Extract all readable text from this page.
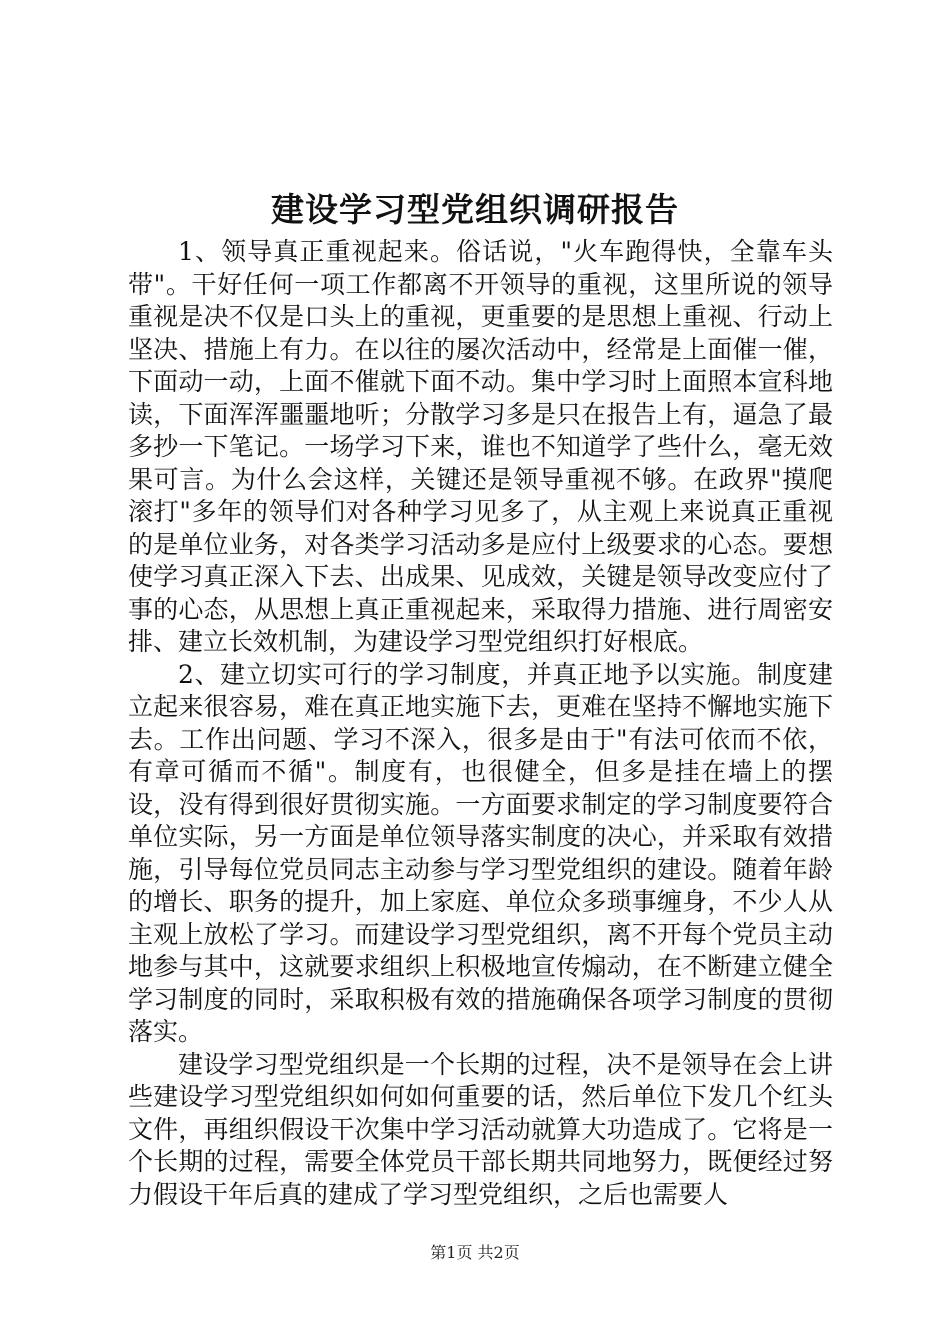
建设学习型党组织调研报告

1、领导真正重视起来。俗话说，"火车跑得快，全靠车头带"。干好任何一项工作都离不开领导的重视，这里所说的领导重视是决不仅是口头上的重视，更重要的是思想上重视、行动上坚决、措施上有力。在以往的屡次活动中，经常是上面催一催，下面动一动，上面不催就下面不动。集中学习时上面照本宣科地读，下面浑浑噩噩地听；分散学习多是只在报告上有，逼急了最多抄一下笔记。一场学习下来，谁也不知道学了些什么，毫无效果可言。为什么会这样，关键还是领导重视不够。在政界"摸爬滚打"多年的领导们对各种学习见多了，从主观上来说真正重视的是单位业务，对各类学习活动多是应付上级要求的心态。要想使学习真正深入下去、出成果、见成效，关键是领导改变应付了事的心态，从思想上真正重视起来，采取得力措施、进行周密安排、建立长效机制，为建设学习型党组织打好根底。

2、建立切实可行的学习制度，并真正地予以实施。制度建立起来很容易，难在真正地实施下去，更难在坚持不懈地实施下去。工作出问题、学习不深入，很多是由于"有法可依而不依，有章可循而不循"。制度有，也很健全，但多是挂在墙上的摆设，没有得到很好贯彻实施。一方面要求制定的学习制度要符合单位实际，另一方面是单位领导落实制度的决心，并采取有效措施，引导每位党员同志主动参与学习型党组织的建设。随着年龄的增长、职务的提升，加上家庭、单位众多琐事缠身，不少人从主观上放松了学习。而建设学习型党组织，离不开每个党员主动地参与其中，这就要求组织上积极地宣传煽动，在不断建立健全学习制度的同时，采取积极有效的措施确保各项学习制度的贯彻落实。

建设学习型党组织是一个长期的过程，决不是领导在会上讲些建设学习型党组织如何如何重要的话，然后单位下发几个红头文件，再组织假设干次集中学习活动就算大功造成了。它将是一个长期的过程，需要全体党员干部长期共同地努力，既便经过努力假设干年后真的建成了学习型党组织，之后也需要人

第1页 共2页
